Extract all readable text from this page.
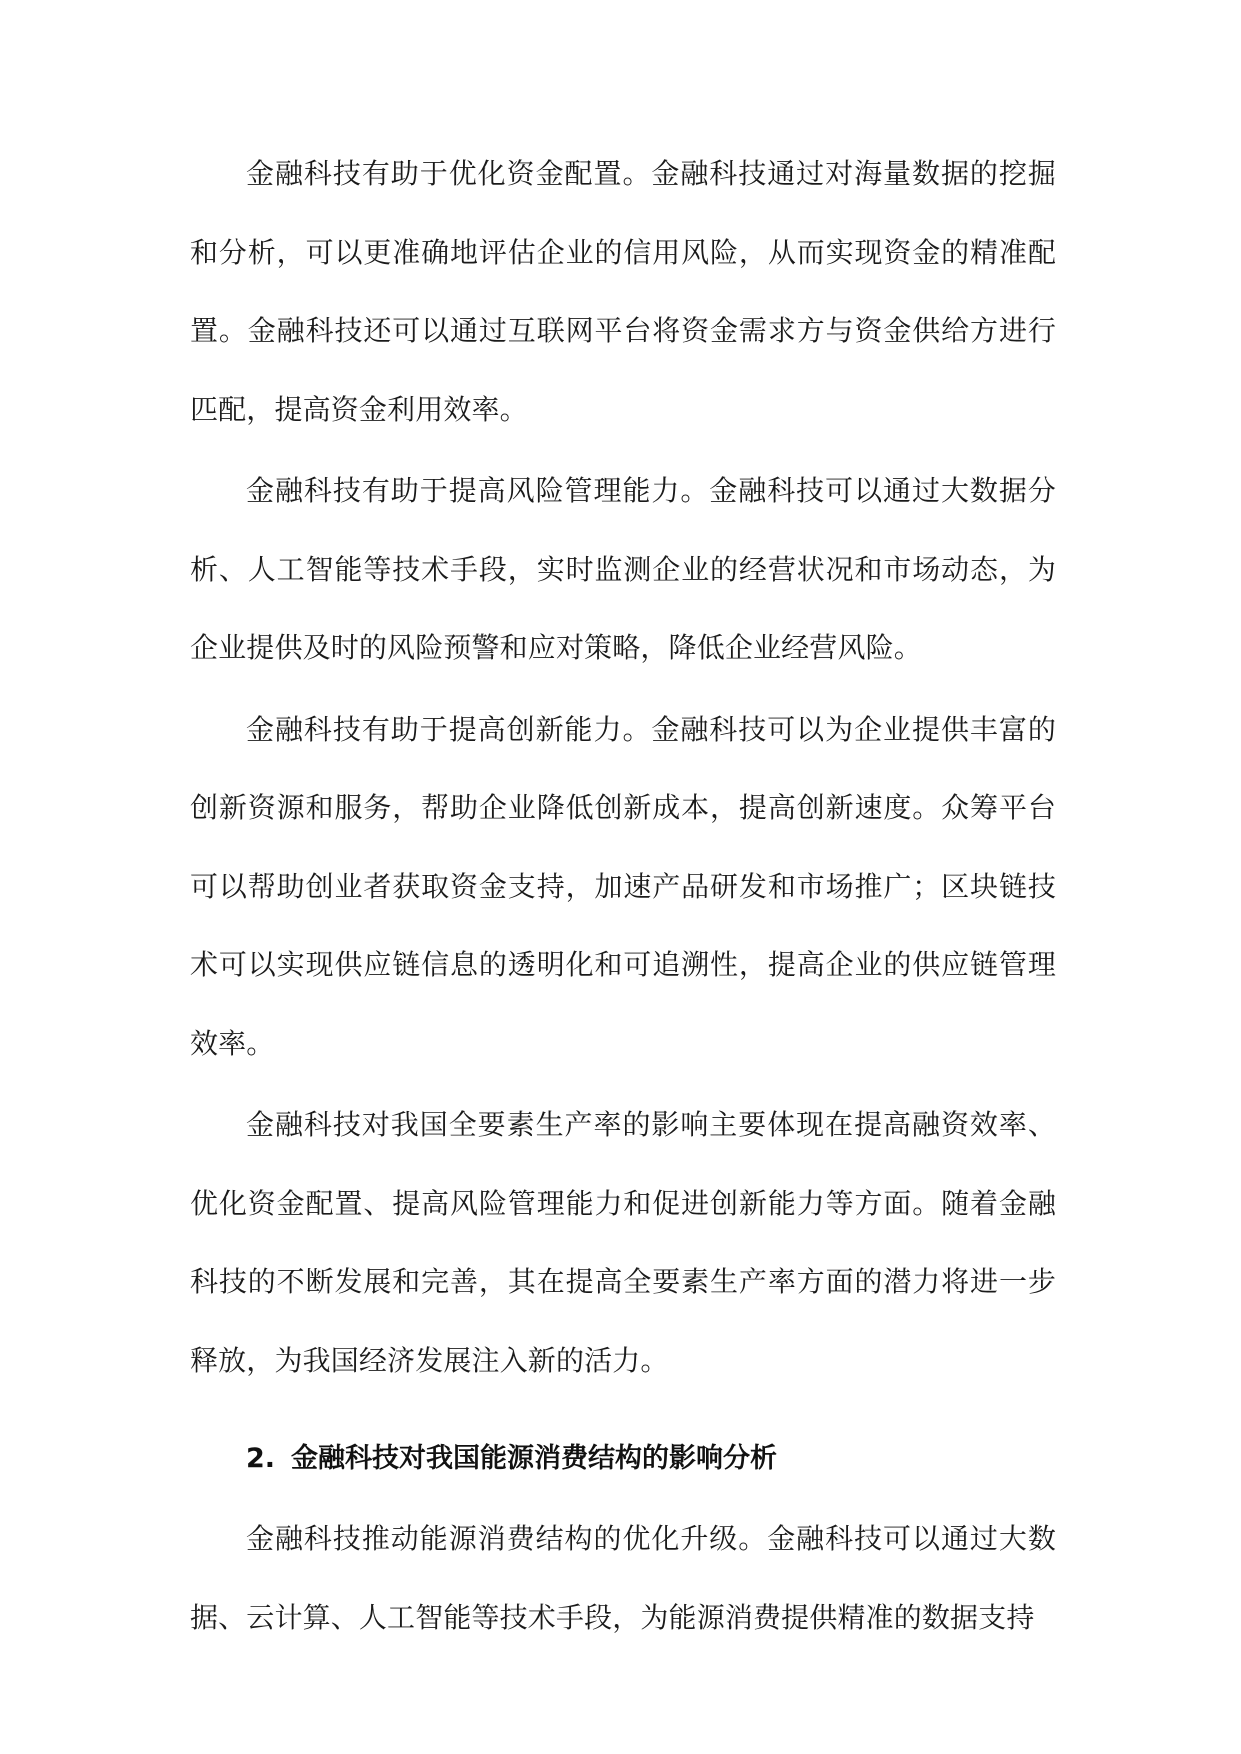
金融科技有助于优化资金配置。金融科技通过对海量数据的挖掘和分析，可以更准确地评估企业的信用风险，从而实现资金的精准配置。金融科技还可以通过互联网平台将资金需求方与资金供给方进行匹配，提高资金利用效率。

金融科技有助于提高风险管理能力。金融科技可以通过大数据分析、人工智能等技术手段，实时监测企业的经营状况和市场动态，为企业提供及时的风险预警和应对策略，降低企业经营风险。

金融科技有助于提高创新能力。金融科技可以为企业提供丰富的创新资源和服务，帮助企业降低创新成本，提高创新速度。众筹平台可以帮助创业者获取资金支持，加速产品研发和市场推广；区块链技术可以实现供应链信息的透明化和可追溯性，提高企业的供应链管理效率。

金融科技对我国全要素生产率的影响主要体现在提高融资效率、优化资金配置、提高风险管理能力和促进创新能力等方面。随着金融科技的不断发展和完善，其在提高全要素生产率方面的潜力将进一步释放，为我国经济发展注入新的活力。

2. 金融科技对我国能源消费结构的影响分析

金融科技推动能源消费结构的优化升级。金融科技可以通过大数据、云计算、人工智能等技术手段，为能源消费提供精准的数据支持
